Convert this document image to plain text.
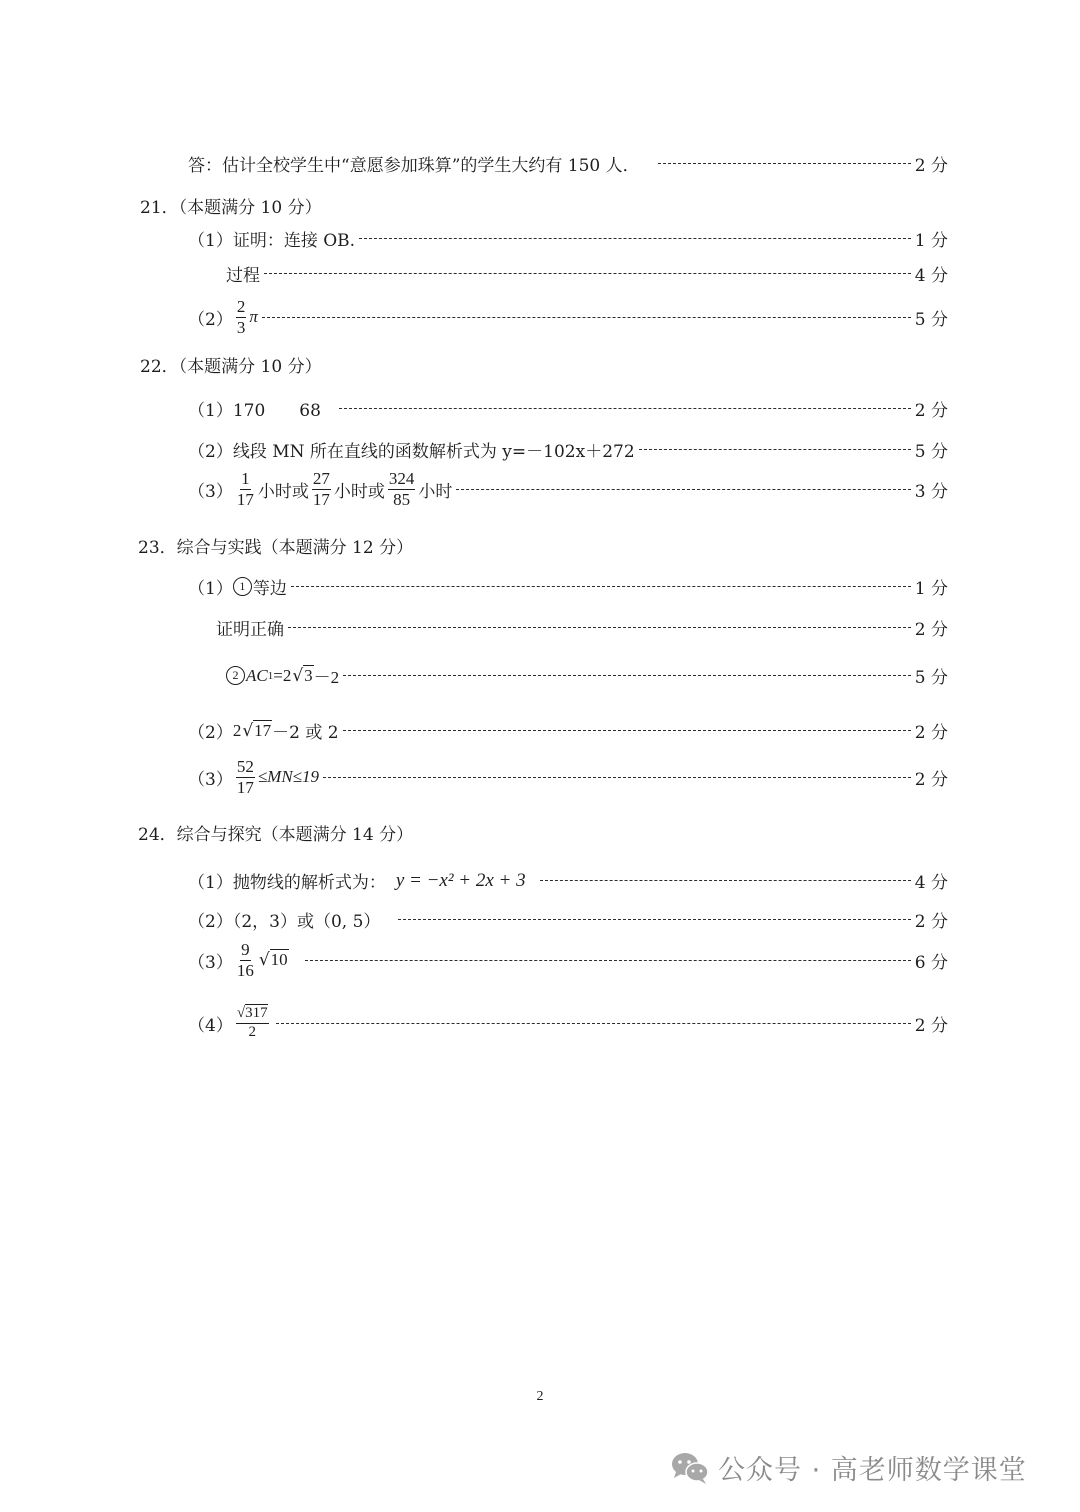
答：估计全校学生中“意愿参加珠算”的学生大约有 150 人．	2 分
21．（本题满分 10 分）
（1）证明：连接 OB.	1 分
过程	4 分
$(2) \frac{2}{3}$ π	5 分
22．（本题满分 10 分）
（1）170　　68	2 分
（2）线段 MN 所在直线的函数解析式为 y=－102x＋272	5 分
$(3) \frac{1}{17}$ 小时或 $\frac{27}{17}$ 小时或 $\frac{324}{85}$ 小时	3 分
23．综合与实践（本题满分 12 分）
（1） 1 等边	1 分
证明正确	2 分
2 AC 1 =2 √3 －2	5 分
（2） 2 √17 －2 或 2	2 分
$(3) \frac{52}{17} \le MN\le 19$	2 分
24．综合与探究（本题满分 14 分）
（1）抛物线的解析式为： y = −x² + 2x + 3	4 分
（2）（2，3）或（0, 5）	2 分
$(3) \frac{9}{16} √10$	6 分
$(4) \frac{√317}{2}$	2 分
2
公众号 · 高老师数学课堂
